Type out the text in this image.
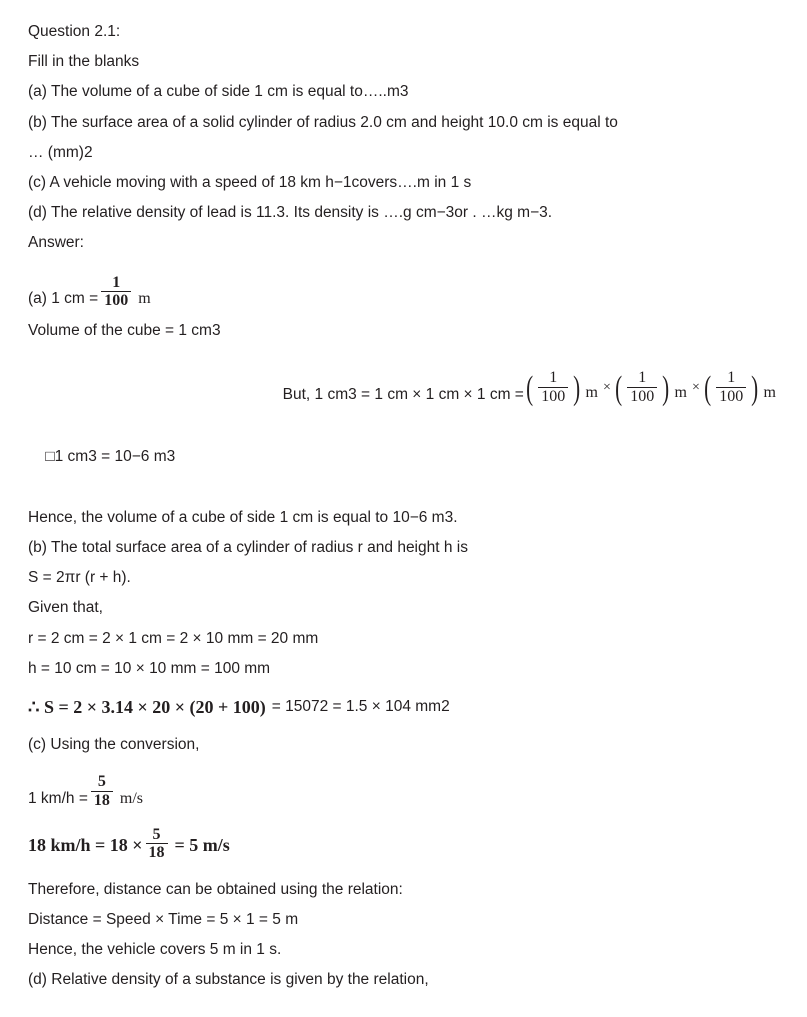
Question 2.1:
Fill in the blanks
(a) The volume of a cube of side 1 cm is equal to…..m3
(b) The surface area of a solid cylinder of radius 2.0 cm and height 10.0 cm is equal to
… (mm)2
(c) A vehicle moving with a speed of 18 km h−1covers….m in 1 s
(d) The relative density of lead is 11.3. Its density is ….g cm−3or . …kg m−3.
Answer:
(a) 1 cm = $\frac{1}{100}$ m
Volume of the cube = 1 cm3
But, 1 cm3 = 1 cm × 1 cm × 1 cm = ( $\frac{1}{100}$ ) m × ( $\frac{1}{100}$ ) m × ( $\frac{1}{100}$ ) m

□1 cm3 = 10−6 m3

Hence, the volume of a cube of side 1 cm is equal to 10−6 m3.
(b) The total surface area of a cylinder of radius r and height h is
S = 2πr (r + h).
Given that,
r = 2 cm = 2 × 1 cm = 2 × 10 mm = 20 mm
h = 10 cm = 10 × 10 mm = 100 mm
∴ S = 2 × 3.14 × 20 × (20 + 100) = 15072 = 1.5 × 104 mm2
(c) Using the conversion,
1 $km/h = \frac{5}{18} m/s$
18 $km/h = 18 \times \frac{5}{18} = 5$ m/s
Therefore, distance can be obtained using the relation:
Distance = Speed × Time = 5 × 1 = 5 m
Hence, the vehicle covers 5 m in 1 s.
(d) Relative density of a substance is given by the relation,
